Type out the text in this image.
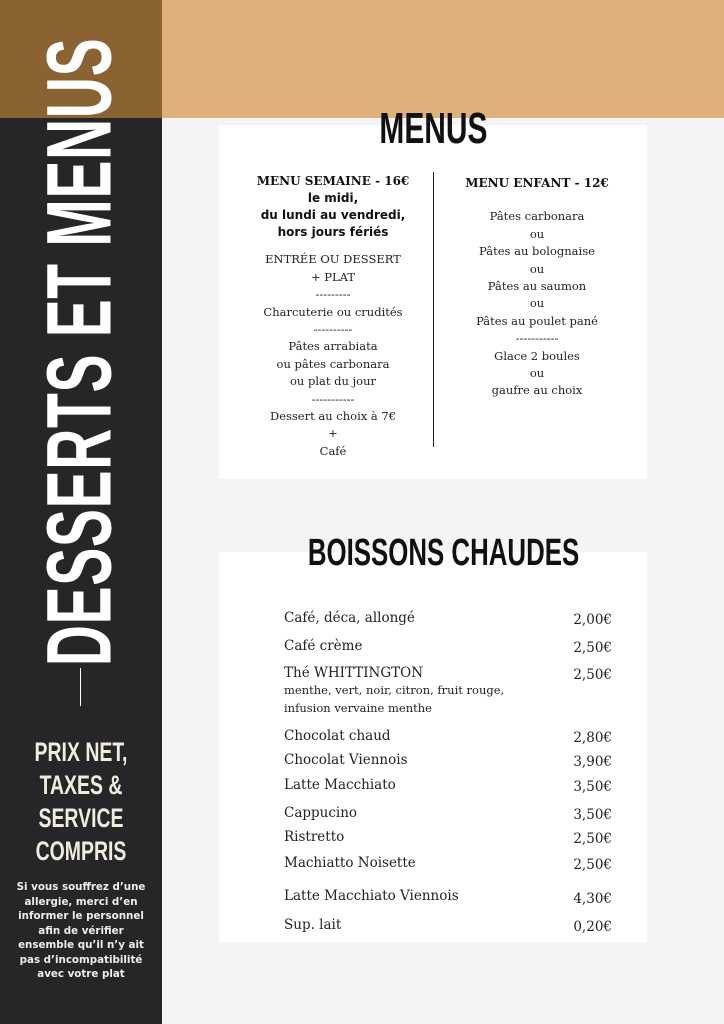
DESSERTS ET MENUS
PRIX NET,
TAXES &
SERVICE
COMPRIS
Si vous souffrez d’une allergie, merci d’en informer le personnel afin de vérifier ensemble qu’il n’y ait pas d’incompatibilité avec votre plat
MENUS
MENU SEMAINE - 16€
le midi,
du lundi au vendredi,
hors jours fériés
ENTRÉE OU DESSERT
+ PLAT
---------
Charcuterie ou crudités
----------
Pâtes arrabiata
ou pâtes carbonara
ou plat du jour
-----------
Dessert au choix à 7€
+
Café
MENU ENFANT - 12€
Pâtes carbonara
ou
Pâtes au bolognaise
ou
Pâtes au saumon
ou
Pâtes au poulet pané
-----------
Glace 2 boules
ou
gaufre au choix
BOISSONS CHAUDES
Café, déca, allongé	2,00€
Café crème	2,50€
Thé WHITTINGTON
menthe, vert, noir, citron, fruit rouge,
infusion vervaine menthe
2,50€
Chocolat chaud	2,80€
Chocolat Viennois	3,90€
Latte Macchiato	3,50€
Cappucino	3,50€
Ristretto	2,50€
Machiatto Noisette	2,50€
Latte Macchiato Viennois	4,30€
Sup. lait	0,20€
